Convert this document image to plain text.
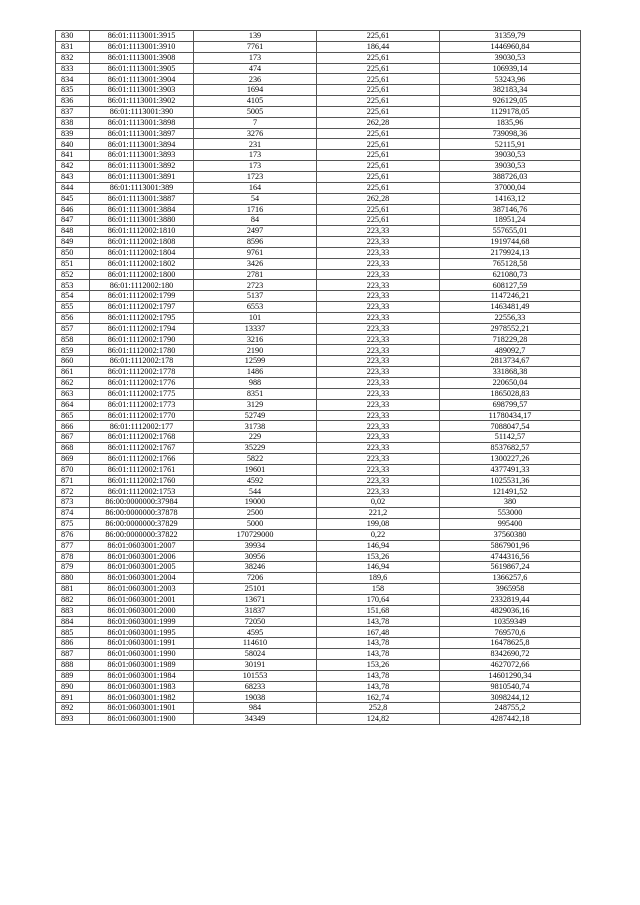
830	86:01:1113001:3915	139	225,61	31359,79
831	86:01:1113001:3910	7761	186,44	1446960,84
832	86:01:1113001:3908	173	225,61	39030,53
833	86:01:1113001:3905	474	225,61	106939,14
834	86:01:1113001:3904	236	225,61	53243,96
835	86:01:1113001:3903	1694	225,61	382183,34
836	86:01:1113001:3902	4105	225,61	926129,05
837	86:01:1113001:390	5005	225,61	1129178,05
838	86:01:1113001:3898	7	262,28	1835,96
839	86:01:1113001:3897	3276	225,61	739098,36
840	86:01:1113001:3894	231	225,61	52115,91
841	86:01:1113001:3893	173	225,61	39030,53
842	86:01:1113001:3892	173	225,61	39030,53
843	86:01:1113001:3891	1723	225,61	388726,03
844	86:01:1113001:389	164	225,61	37000,04
845	86:01:1113001:3887	54	262,28	14163,12
846	86:01:1113001:3884	1716	225,61	387146,76
847	86:01:1113001:3880	84	225,61	18951,24
848	86:01:1112002:1810	2497	223,33	557655,01
849	86:01:1112002:1808	8596	223,33	1919744,68
850	86:01:1112002:1804	9761	223,33	2179924,13
851	86:01:1112002:1802	3426	223,33	765128,58
852	86:01:1112002:1800	2781	223,33	621080,73
853	86:01:1112002:180	2723	223,33	608127,59
854	86:01:1112002:1799	5137	223,33	1147246,21
855	86:01:1112002:1797	6553	223,33	1463481,49
856	86:01:1112002:1795	101	223,33	22556,33
857	86:01:1112002:1794	13337	223,33	2978552,21
858	86:01:1112002:1790	3216	223,33	718229,28
859	86:01:1112002:1780	2190	223,33	489092,7
860	86:01:1112002:178	12599	223,33	2813734,67
861	86:01:1112002:1778	1486	223,33	331868,38
862	86:01:1112002:1776	988	223,33	220650,04
863	86:01:1112002:1775	8351	223,33	1865028,83
864	86:01:1112002:1773	3129	223,33	698799,57
865	86:01:1112002:1770	52749	223,33	11780434,17
866	86:01:1112002:177	31738	223,33	7088047,54
867	86:01:1112002:1768	229	223,33	51142,57
868	86:01:1112002:1767	35229	223,33	8537682,57
869	86:01:1112002:1766	5822	223,33	1300227,26
870	86:01:1112002:1761	19601	223,33	4377491,33
871	86:01:1112002:1760	4592	223,33	1025531,36
872	86:01:1112002:1753	544	223,33	121491,52
873	86:00:0000000:37984	19000	0,02	380
874	86:00:0000000:37878	2500	221,2	553000
875	86:00:0000000:37829	5000	199,08	995400
876	86:00:0000000:37822	170729000	0,22	37560380
877	86:01:0603001:2007	39934	146,94	5867901,96
878	86:01:0603001:2006	30956	153,26	4744316,56
879	86:01:0603001:2005	38246	146,94	5619867,24
880	86:01:0603001:2004	7206	189,6	1366257,6
881	86:01:0603001:2003	25101	158	3965958
882	86:01:0603001:2001	13671	170,64	2332819,44
883	86:01:0603001:2000	31837	151,68	4829036,16
884	86:01:0603001:1999	72050	143,78	10359349
885	86:01:0603001:1995	4595	167,48	769570,6
886	86:01:0603001:1991	114610	143,78	16478625,8
887	86:01:0603001:1990	58024	143,78	8342690,72
888	86:01:0603001:1989	30191	153,26	4627072,66
889	86:01:0603001:1984	101553	143,78	14601290,34
890	86:01:0603001:1983	68233	143,78	9810540,74
891	86:01:0603001:1982	19038	162,74	3098244,12
892	86:01:0603001:1901	984	252,8	248755,2
893	86:01:0603001:1900	34349	124,82	4287442,18
